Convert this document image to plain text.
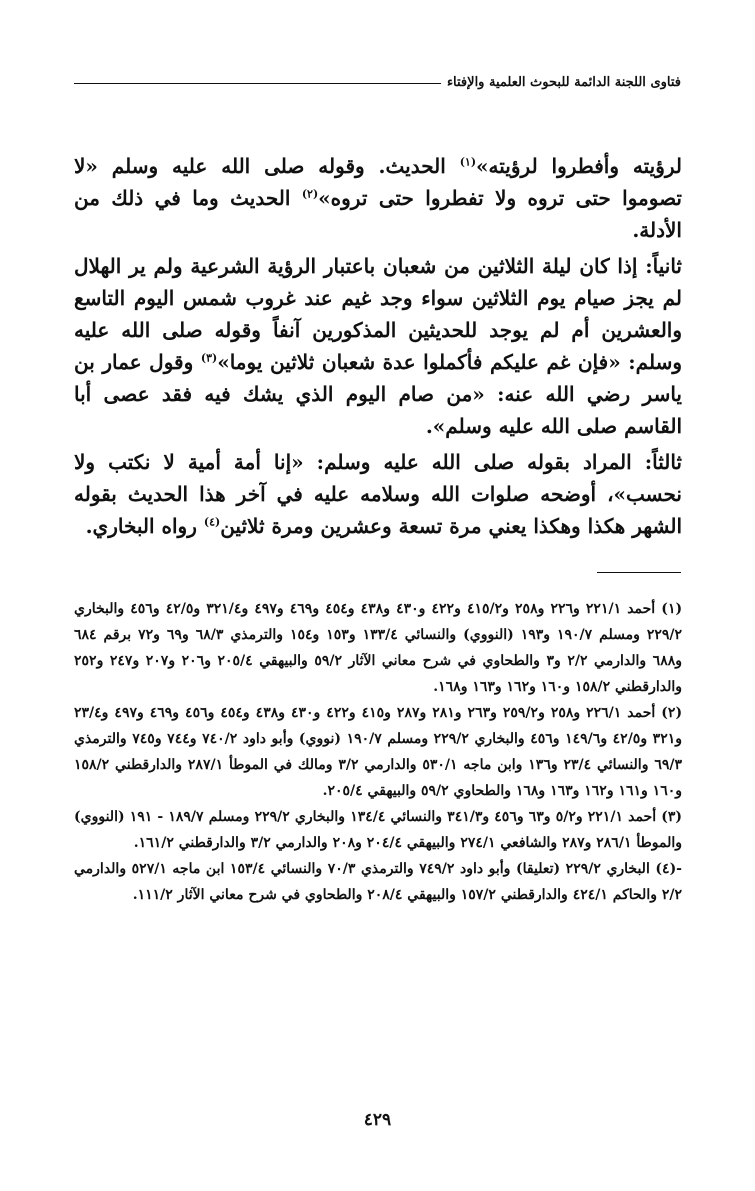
فتاوى اللجنة الدائمة للبحوث العلمية والإفتاء

لرؤيته وأفطروا لرؤيته»$^{(١)}$ الحديث. وقوله صلى الله عليه وسلم «لا تصوموا حتى تروه ولا تفطروا حتى تروه»$^{(٢)}$ الحديث وما في ذلك من الأدلة.

ثانياً: إذا كان ليلة الثلاثين من شعبان باعتبار الرؤية الشرعية ولم ير الهلال لم يجز صيام يوم الثلاثين سواء وجد غيم عند غروب شمس اليوم التاسع والعشرين أم لم يوجد للحديثين المذكورين آنفاً وقوله صلى الله عليه وسلم: «فإن غم عليكم فأكملوا عدة شعبان ثلاثين يوما»$^{(٣)}$ وقول عمار بن ياسر رضي الله عنه: «من صام اليوم الذي يشك فيه فقد عصى أبا القاسم صلى الله عليه وسلم».

ثالثاً: المراد بقوله صلى الله عليه وسلم: «إنا أمة أمية لا نكتب ولا نحسب»، أوضحه صلوات الله وسلامه عليه في آخر هذا الحديث بقوله الشهر هكذا وهكذا يعني مرة تسعة وعشرين ومرة ثلاثين$^{(٤)}$ رواه البخاري.

(١) أحمد ٢٢١/١ و٢٢٦ و٢٥٨ و٤١٥/٢ و٤٢٢ و٤٣٠ و٤٣٨ و٤٥٤ و٤٦٩ و٤٩٧ و٣٢١/٤ و٤٢/٥ و٤٥٦ والبخاري ٢٢٩/٢ ومسلم ١٩٠/٧ و١٩٣ (النووي) والنسائي ١٣٣/٤ و١٥٣ و١٥٤ والترمذي ٦٨/٣ و٦٩ و٧٢ برقم ٦٨٤ و٦٨٨ والدارمي ٢/٢ و٣ والطحاوي في شرح معاني الآثار ٥٩/٢ والبيهقي ٢٠٥/٤ و٢٠٦ و٢٠٧ و٢٤٧ و٢٥٢ والدارقطني ١٥٨/٢ و١٦٠ و١٦٢ و١٦٣ و١٦٨.

(٢) أحمد ٢٢٦/١ و٢٥٨ و٢٥٩/٢ و٢٦٣ و٢٨١ و٢٨٧ و٤١٥ و٤٢٢ و٤٣٠ و٤٣٨ و٤٥٤ و٤٥٦ و٤٦٩ و٤٩٧ و٢٣/٤ و٣٢١ و٤٢/٥ و١٤٩/٦ و٤٥٦ والبخاري ٢٢٩/٢ ومسلم ١٩٠/٧ (نووي) وأبو داود ٧٤٠/٢ و٧٤٤ و٧٤٥ والترمذي ٦٩/٣ والنسائي ٢٣/٤ و١٣٦ وابن ماجه ٥٣٠/١ والدارمي ٣/٢ ومالك في الموطأ ٢٨٧/١ والدارقطني ١٥٨/٢ و١٦٠ و١٦١ و١٦٢ و١٦٣ و١٦٨ والطحاوي ٥٩/٢ والبيهقي ٢٠٥/٤.

(٣) أحمد ٢٢١/١ و٥/٢ و٦٣ و٤٥٦ و٣٤١/٣ والنسائي ١٣٤/٤ والبخاري ٢٢٩/٢ ومسلم ١٨٩/٧ - ١٩١ (النووي) والموطأ ٢٨٦/١ و٢٨٧ والشافعي ٢٧٤/١ والبيهقي ٢٠٤/٤ و٢٠٨ والدارمي ٣/٢ والدارقطني ١٦١/٢.

-(٤) البخاري ٢٢٩/٢ (تعليقا) وأبو داود ٧٤٩/٢ والترمذي ٧٠/٣ والنسائي ١٥٣/٤ ابن ماجه ٥٢٧/١ والدارمي ٢/٢ والحاكم ٤٢٤/١ والدارقطني ١٥٧/٢ والبيهقي ٢٠٨/٤ والطحاوي في شرح معاني الآثار ١١١/٢.

٤٢٩
